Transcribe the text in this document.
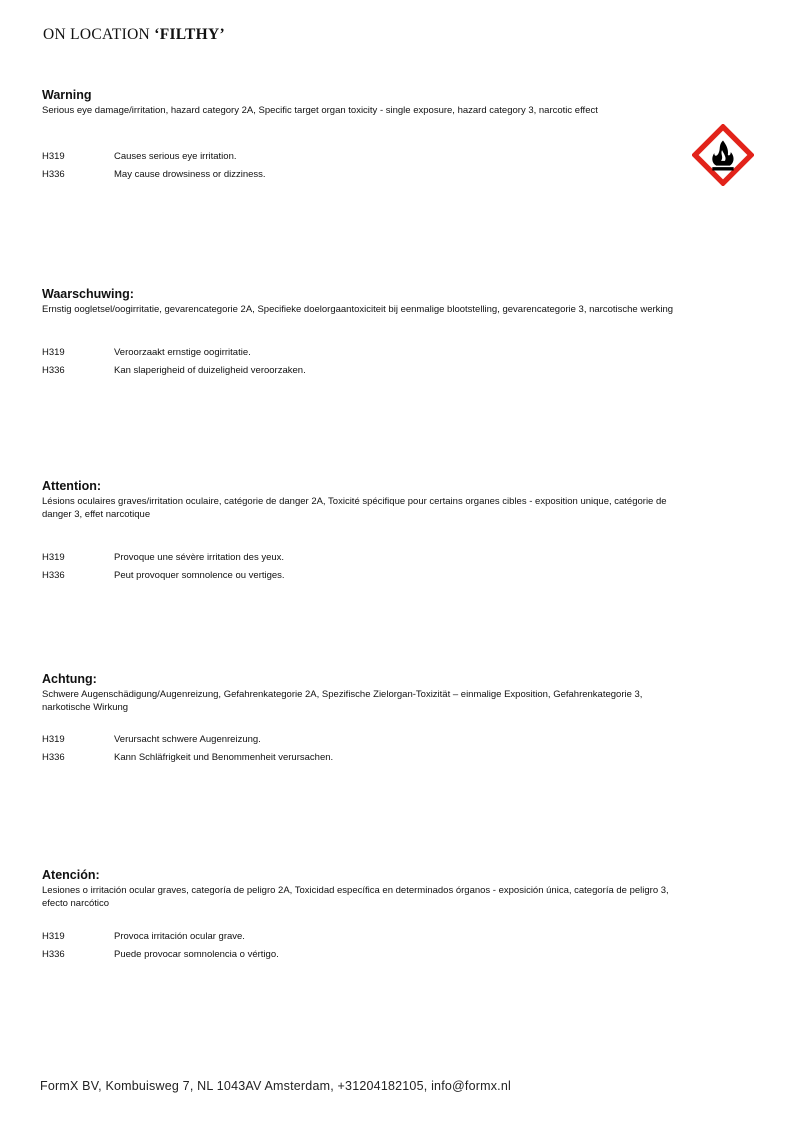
ON LOCATION ‘FILTHY’
Warning
Serious eye damage/irritation, hazard category 2A, Specific target organ toxicity - single exposure, hazard category 3, narcotic effect
H319	Causes serious eye irritation.
H336	May cause drowsiness or dizziness.
Waarschuwing:
Ernstig oogletsel/oogirritatie, gevarencategorie 2A, Specifieke doelorgaantoxiciteit bij eenmalige blootstelling, gevarencategorie 3, narcotische werking
H319	Veroorzaakt ernstige oogirritatie.
H336	Kan slaperigheid of duizeligheid veroorzaken.
Attention:
Lésions oculaires graves/irritation oculaire, catégorie de danger 2A, Toxicité spécifique pour certains organes cibles - exposition unique, catégorie de danger 3, effet narcotique
H319	Provoque une sévère irritation des yeux.
H336	Peut provoquer somnolence ou vertiges.
Achtung:
Schwere Augenschädigung/Augenreizung, Gefahrenkategorie 2A, Spezifische Zielorgan-Toxizität – einmalige Exposition, Gefahrenkategorie 3, narkotische Wirkung
H319	Verursacht schwere Augenreizung.
H336	Kann Schläfrigkeit und Benommenheit verursachen.
Atención:
Lesiones o irritación ocular graves, categoría de peligro 2A, Toxicidad específica en determinados órganos - exposición única, categoría de peligro 3, efecto narcótico
H319	Provoca irritación ocular grave.
H336	Puede provocar somnolencia o vértigo.
FormX BV, Kombuisweg 7, NL 1043AV Amsterdam, +31204182105, info@formx.nl
